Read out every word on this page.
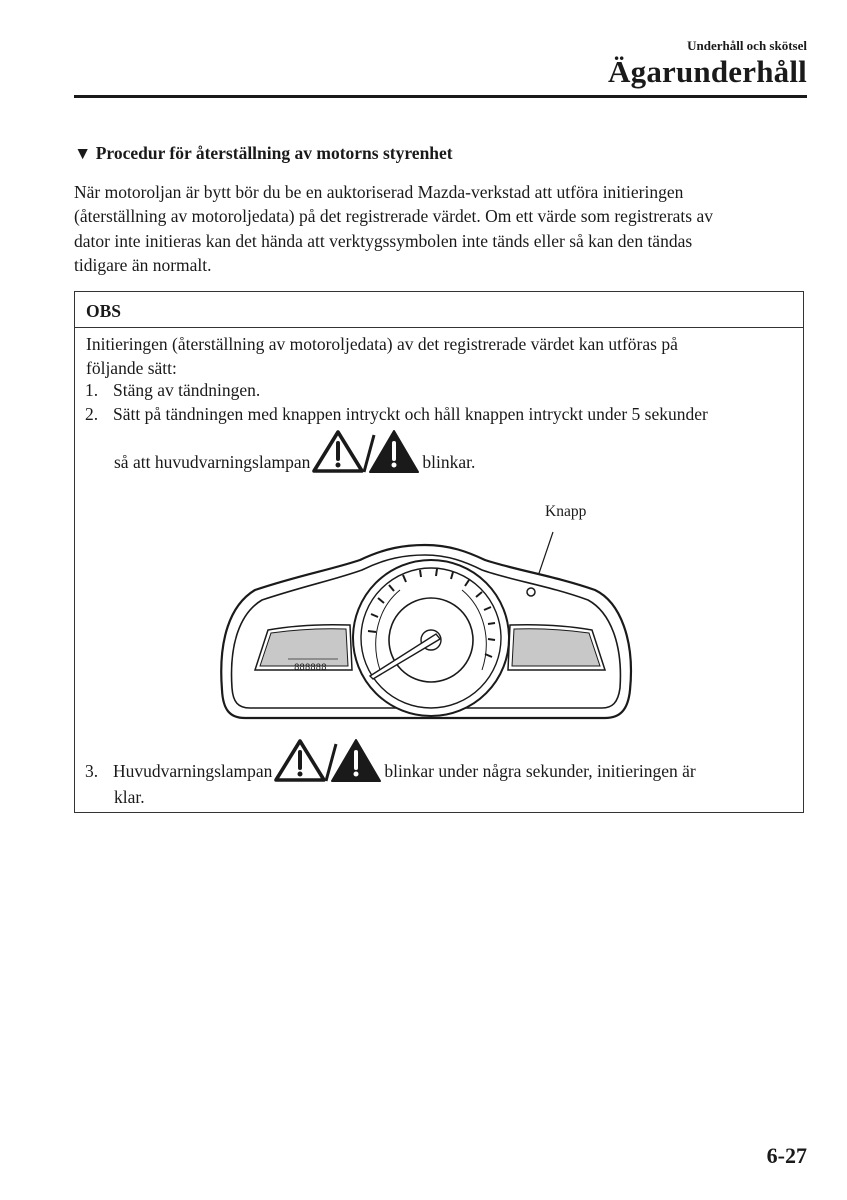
Underhåll och skötsel
Ägarunderhåll
▼ Procedur för återställning av motorns styrenhet
När motoroljan är bytt bör du be en auktoriserad Mazda-verkstad att utföra initieringen
(återställning av motoroljedata) på det registrerade värdet. Om ett värde som registrerats av
dator inte initieras kan det hända att verktygssymbolen inte tänds eller så kan den tändas
tidigare än normalt.
OBS
Initieringen (återställning av motoroljedata) av det registrerade värdet kan utföras på
följande sätt:
1. Stäng av tändningen.
2. Sätt på tändningen med knappen intryckt och håll knappen intryckt under 5 sekunder
så att huvudvarningslampan	blinkar.
Knapp
888888
3. Huvudvarningslampan	blinkar under några sekunder, initieringen är
klar.
6-27
